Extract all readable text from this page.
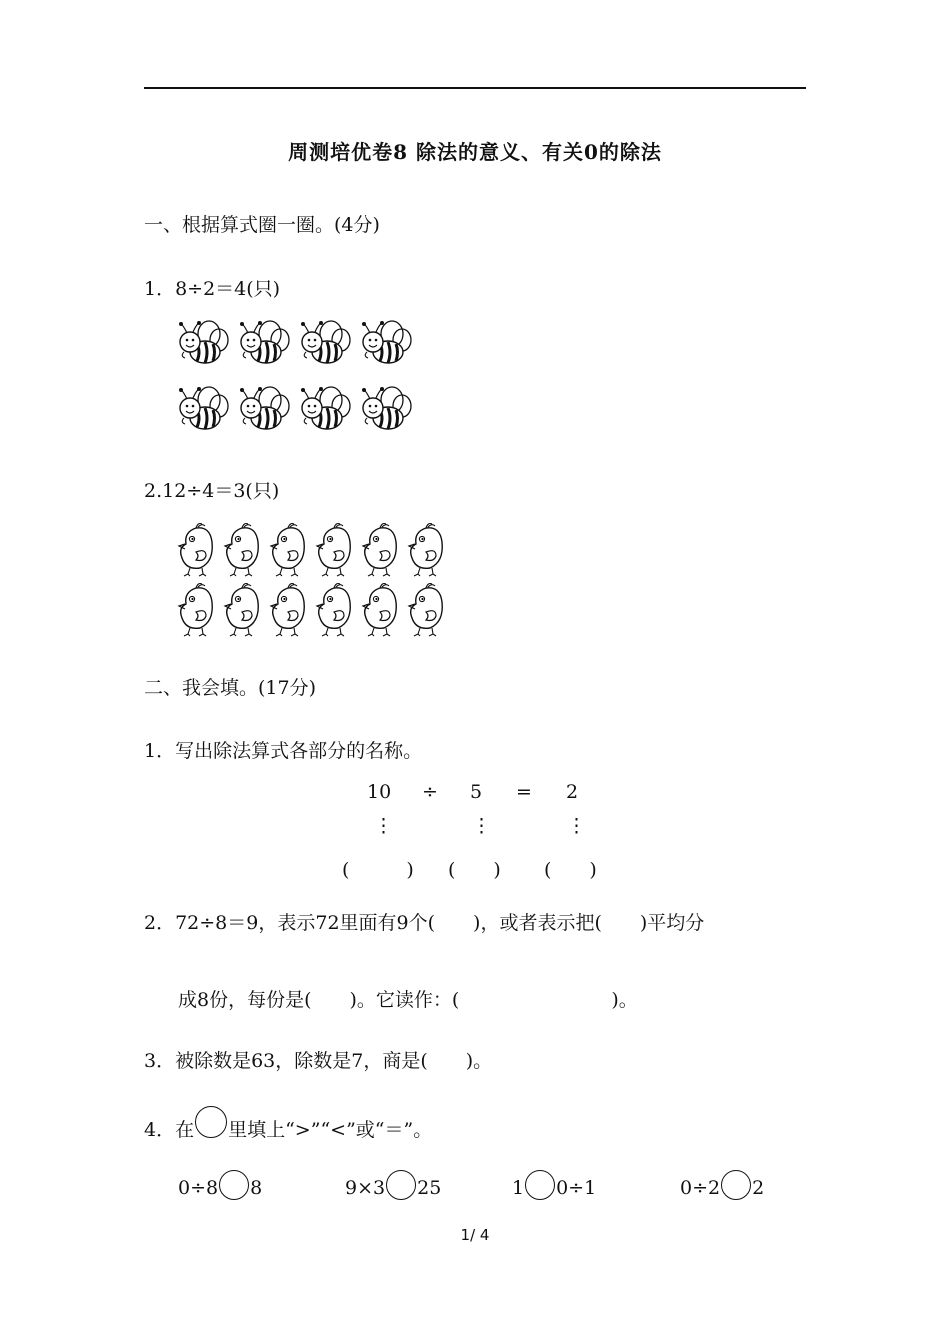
周测培优卷8 除法的意义、有关0的除法
一、根据算式圈一圈。(4分)
1．8÷2＝4(只)
2.12÷4＝3(只)
二、我会填。(17分)
1．写出除法算式各部分的名称。
10 ÷ 5 = 2
⋮	⋮	⋮
(　　　) (　　) (　　)
2．72÷8＝9，表示72里面有9个(　　)，或者表示把(　　)平均分
成8份，每份是(　　)。它读作：(　　　　　　　　)。
3．被除数是63，除数是7，商是(　　)。
4．在 里填上“>”“<”或“＝”。
0÷8 8	9×3 25	1 0÷1	0÷2 2
1/ 4
